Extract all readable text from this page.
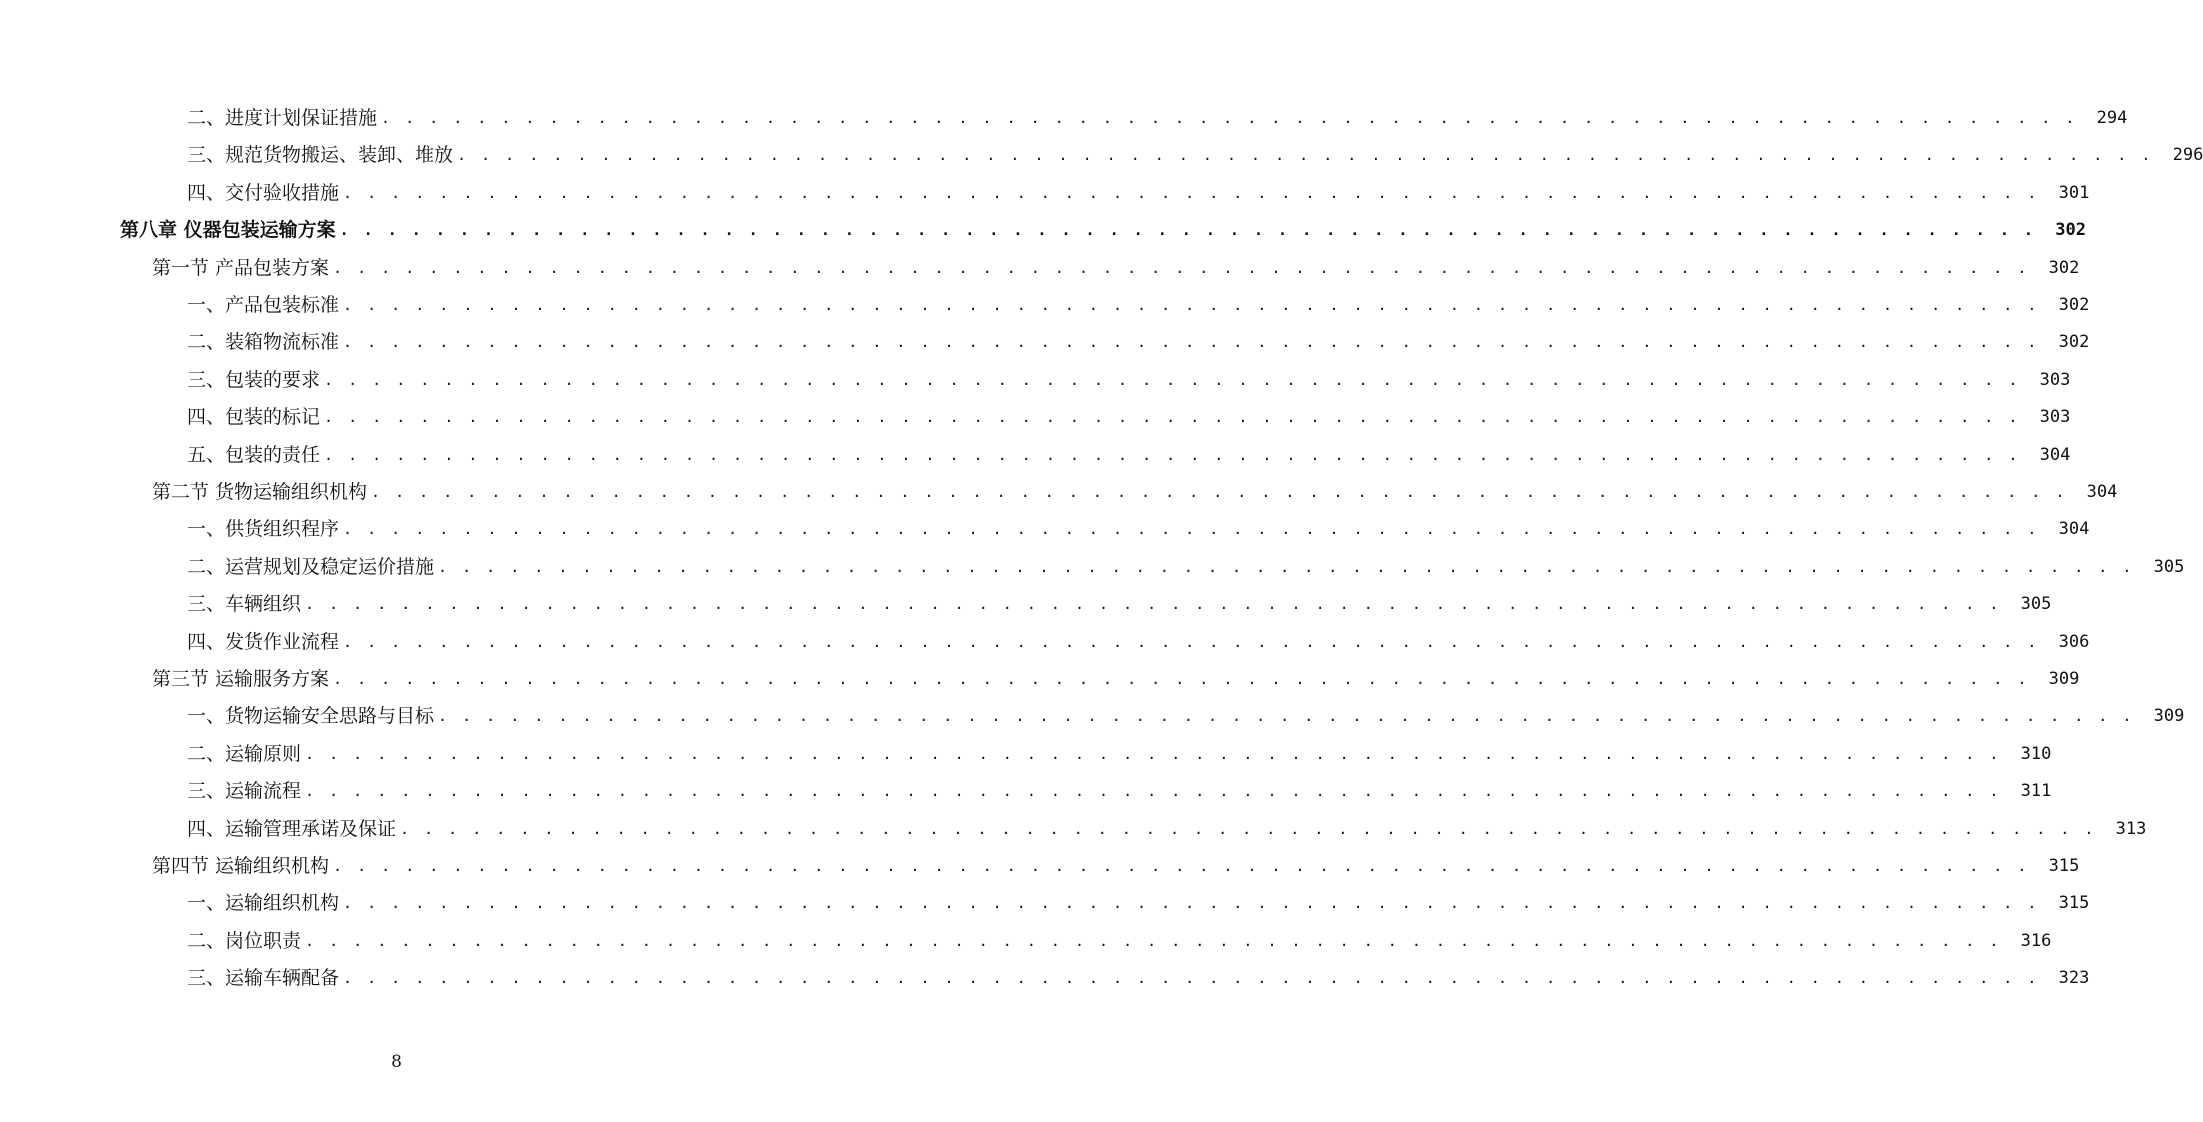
二、进度计划保证措施 . . .	294
三、规范货物搬运、装卸、堆放 . . .	296
四、交付验收措施 . . .	301
第八章 仪器包装运输方案 . . .	302
第一节 产品包装方案 . . .	302
一、产品包装标准 . . .	302
二、装箱物流标准 . . .	302
三、包装的要求 . . .	303
四、包装的标记 . . .	303
五、包装的责任 . . .	304
第二节 货物运输组织机构 . . .	304
一、供货组织程序 . . .	304
二、运营规划及稳定运价措施 . . .	305
三、车辆组织 . . .	305
四、发货作业流程 . . .	306
第三节 运输服务方案 . . .	309
一、货物运输安全思路与目标 . . .	309
二、运输原则 . . .	310
三、运输流程 . . .	311
四、运输管理承诺及保证 . . .	313
第四节 运输组织机构 . . .	315
一、运输组织机构 . . .	315
二、岗位职责 . . .	316
三、运输车辆配备 . . .	323
8
